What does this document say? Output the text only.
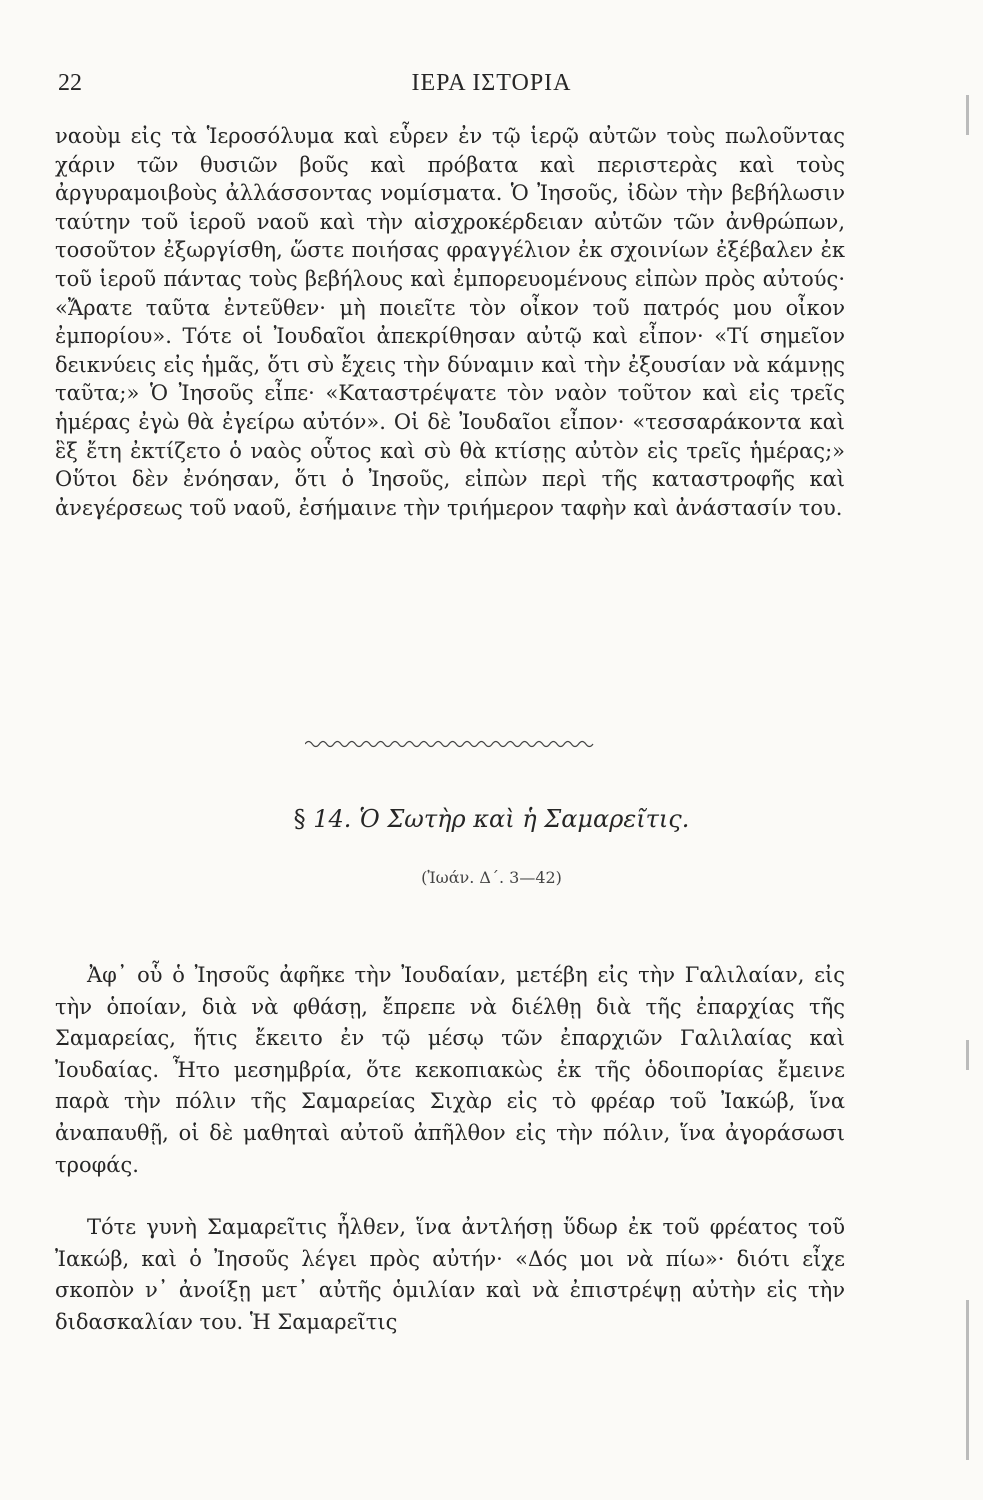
22	ΙΕΡΑ ΙΣΤΟΡΙΑ

ναοὺμ εἰς τὰ Ἱεροσόλυμα καὶ εὗρεν ἐν τῷ ἱερῷ αὐτῶν τοὺς πωλοῦντας χάριν τῶν θυσιῶν βοῦς καὶ πρόβατα καὶ περιστερὰς καὶ τοὺς ἀργυραμοιβοὺς ἀλλάσσοντας νομίσματα. Ὁ Ἰησοῦς, ἰδὼν τὴν βεβήλωσιν ταύτην τοῦ ἱεροῦ ναοῦ καὶ τὴν αἰσχροκέρδειαν αὐτῶν τῶν ἀνθρώπων, τοσοῦτον ἐξωργίσθη, ὥστε ποιήσας φραγγέλιον ἐκ σχοινίων ἐξέβαλεν ἐκ τοῦ ἱεροῦ πάντας τοὺς βεβήλους καὶ ἐμπορευομένους εἰπὼν πρὸς αὐτούς· «Ἄρατε ταῦτα ἐντεῦθεν· μὴ ποιεῖτε τὸν οἶκον τοῦ πατρός μου οἶκον ἐμπορίου». Τότε οἱ Ἰουδαῖοι ἀπεκρίθησαν αὐτῷ καὶ εἶπον· «Τί σημεῖον δεικνύεις εἰς ἡμᾶς, ὅτι σὺ ἔχεις τὴν δύναμιν καὶ τὴν ἐξουσίαν νὰ κάμνῃς ταῦτα;» Ὁ Ἰησοῦς εἶπε· «Καταστρέψατε τὸν ναὸν τοῦτον καὶ εἰς τρεῖς ἡμέρας ἐγὼ θὰ ἐγείρω αὐτόν». Οἱ δὲ Ἰουδαῖοι εἶπον· «τεσσαράκοντα καὶ ἓξ ἔτη ἐκτίζετο ὁ ναὸς οὗτος καὶ σὺ θὰ κτίσῃς αὐτὸν εἰς τρεῖς ἡμέρας;» Οὕτοι δὲν ἐνόησαν, ὅτι ὁ Ἰησοῦς, εἰπὼν περὶ τῆς καταστροφῆς καὶ ἀνεγέρσεως τοῦ ναοῦ, ἐσήμαινε τὴν τριήμερον ταφὴν καὶ ἀνάστασίν του.

§ 14. Ὁ Σωτὴρ καὶ ἡ Σαμαρεῖτις.
(Ἰωάν. Δ΄. 3—42)

Ἀφ᾽ οὗ ὁ Ἰησοῦς ἀφῆκε τὴν Ἰουδαίαν, μετέβη εἰς τὴν Γαλιλαίαν, εἰς τὴν ὁποίαν, διὰ νὰ φθάσῃ, ἔπρεπε νὰ διέλθῃ διὰ τῆς ἐπαρχίας τῆς Σαμαρείας, ἥτις ἔκειτο ἐν τῷ μέσῳ τῶν ἐπαρχιῶν Γαλιλαίας καὶ Ἰουδαίας. Ἦτο μεσημβρία, ὅτε κεκοπιακὼς ἐκ τῆς ὁδοιπορίας ἔμεινε παρὰ τὴν πόλιν τῆς Σαμαρείας Σιχὰρ εἰς τὸ φρέαρ τοῦ Ἰακώβ, ἵνα ἀναπαυθῇ, οἱ δὲ μαθηταὶ αὐτοῦ ἀπῆλθον εἰς τὴν πόλιν, ἵνα ἀγοράσωσι τροφάς.

Τότε γυνὴ Σαμαρεῖτις ἦλθεν, ἵνα ἀντλήσῃ ὕδωρ ἐκ τοῦ φρέατος τοῦ Ἰακώβ, καὶ ὁ Ἰησοῦς λέγει πρὸς αὐτήν· «Δός μοι νὰ πίω»· διότι εἶχε σκοπὸν ν᾽ ἀνοίξῃ μετ᾽ αὐτῆς ὁμιλίαν καὶ νὰ ἐπιστρέψῃ αὐτὴν εἰς τὴν διδασκαλίαν του. Ἡ Σαμαρεῖτις
